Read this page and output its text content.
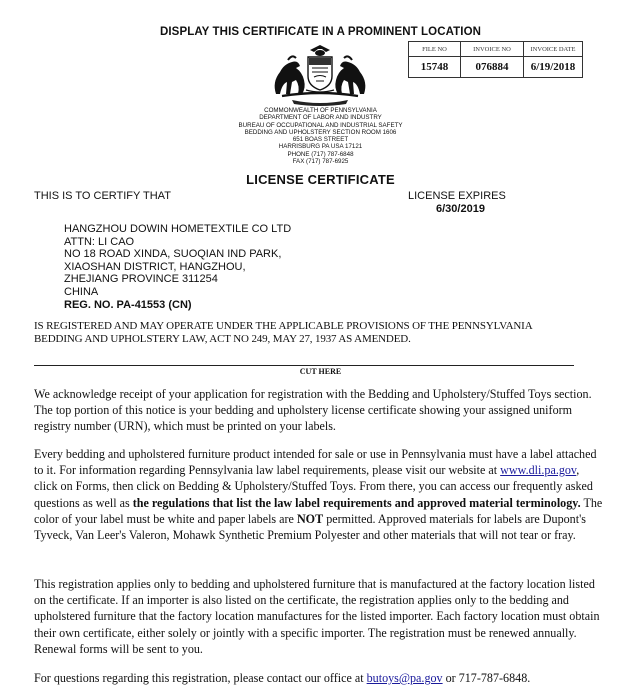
DISPLAY THIS CERTIFICATE IN A PROMINENT LOCATION
FILE NO	INVOICE NO	INVOICE DATE
15748	076884	6/19/2018
COMMONWEALTH OF PENNSYLVANIA
DEPARTMENT OF LABOR AND INDUSTRY
BUREAU OF OCCUPATIONAL AND INDUSTRIAL SAFETY
BEDDING AND UPHOLSTERY SECTION ROOM 1606
651 BOAS STREET
HARRISBURG PA USA 17121
PHONE (717) 787-6848
FAX (717) 787-6925
LICENSE CERTIFICATE
THIS IS TO CERTIFY THAT	LICENSE EXPIRES
6/30/2019
HANGZHOU DOWIN HOMETEXTILE CO LTD
ATTN: LI CAO
NO 18 ROAD XINDA, SUOQIAN IND PARK,
XIAOSHAN DISTRICT, HANGZHOU,
ZHEJIANG PROVINCE 311254
CHINA
REG. NO. PA-41553 (CN)
IS REGISTERED AND MAY OPERATE UNDER THE APPLICABLE PROVISIONS OF THE PENNSYLVANIA
BEDDING AND UPHOLSTERY LAW, ACT NO 249, MAY 27, 1937 AS AMENDED.
CUT HERE

We acknowledge receipt of your application for registration with the Bedding and Upholstery/Stuffed Toys section. The top portion of this notice is your bedding and upholstery license certificate showing your assigned uniform registry number (URN), which must be printed on your labels.

Every bedding and upholstered furniture product intended for sale or use in Pennsylvania must have a label attached to it. For information regarding Pennsylvania law label requirements, please visit our website at www.dli.pa.gov, click on Forms, then click on Bedding & Upholstery/Stuffed Toys. From there, you can access our frequently asked questions as well as the regulations that list the law label requirements and approved material terminology. The color of your label must be white and paper labels are NOT permitted. Approved materials for labels are Dupont's Tyveck, Van Leer's Valeron, Mohawk Synthetic Premium Polyester and other materials that will not tear or fray.

This registration applies only to bedding and upholstered furniture that is manufactured at the factory location listed on the certificate. If an importer is also listed on the certificate, the registration applies only to the bedding and upholstered furniture that the factory location manufactures for the listed importer. Each factory location must obtain their own certificate, either solely or jointly with a specific importer. The registration must be renewed annually. Renewal forms will be sent to you.

For questions regarding this registration, please contact our office at butoys@pa.gov or 717-787-6848.
